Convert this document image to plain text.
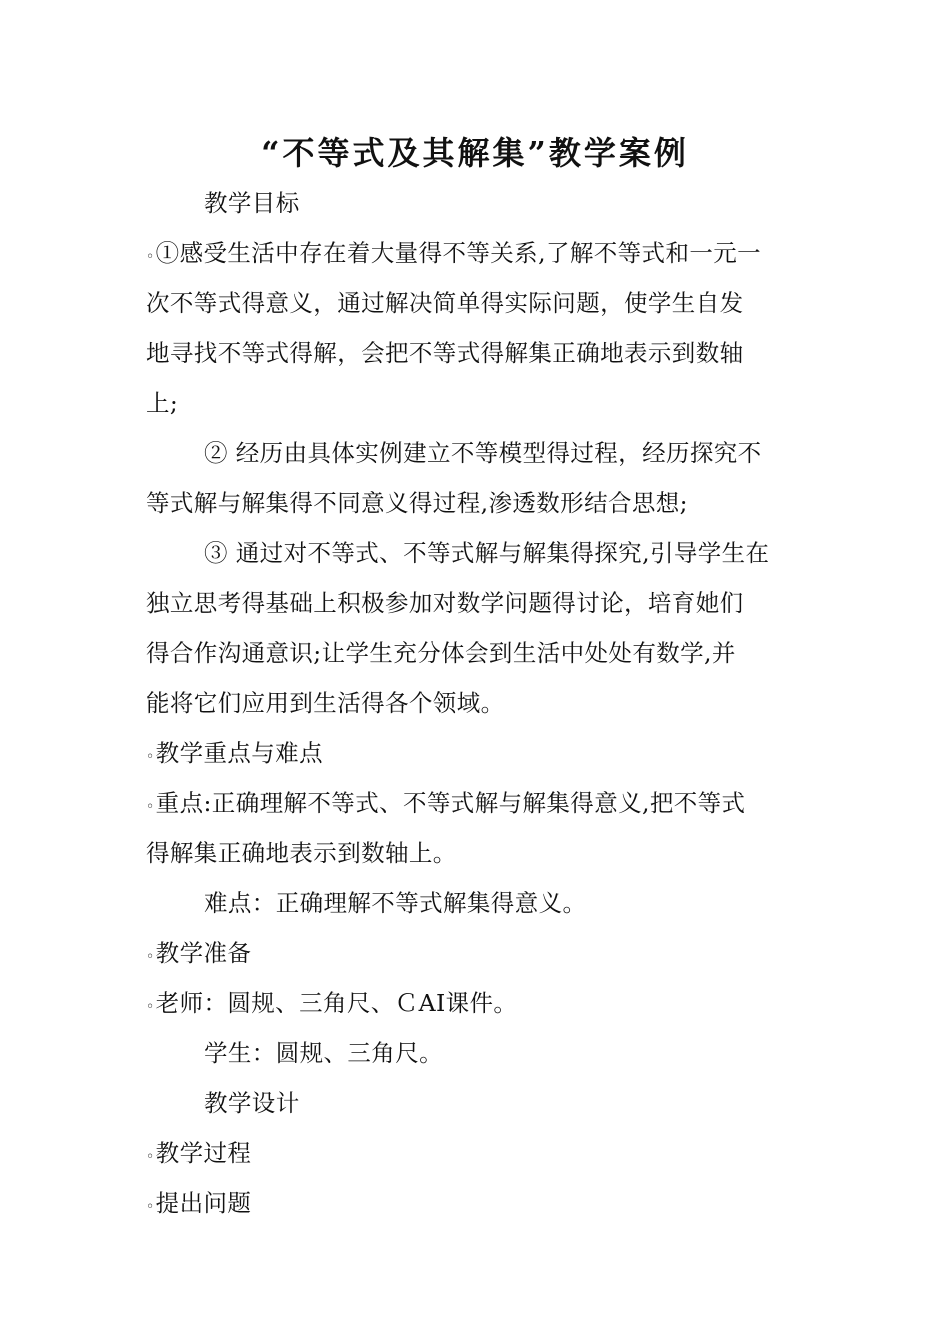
“不等式及其解集”教学案例
教学目标
◦①感受生活中存在着大量得不等关系,了解不等式和一元一
次不等式得意义，通过解决简单得实际问题，使学生自发
地寻找不等式得解，会把不等式得解集正确地表示到数轴
上;
② 经历由具体实例建立不等模型得过程，经历探究不
等式解与解集得不同意义得过程,渗透数形结合思想;
③ 通过对不等式、不等式解与解集得探究,引导学生在
独立思考得基础上积极参加对数学问题得讨论，培育她们
得合作沟通意识;让学生充分体会到生活中处处有数学,并
能将它们应用到生活得各个领域。
◦教学重点与难点
◦重点:正确理解不等式、不等式解与解集得意义,把不等式
得解集正确地表示到数轴上。
难点：正确理解不等式解集得意义。
◦教学准备
◦老师：圆规、三角尺、ＣAI课件。
学生：圆规、三角尺。
教学设计
◦教学过程
◦提出问题
